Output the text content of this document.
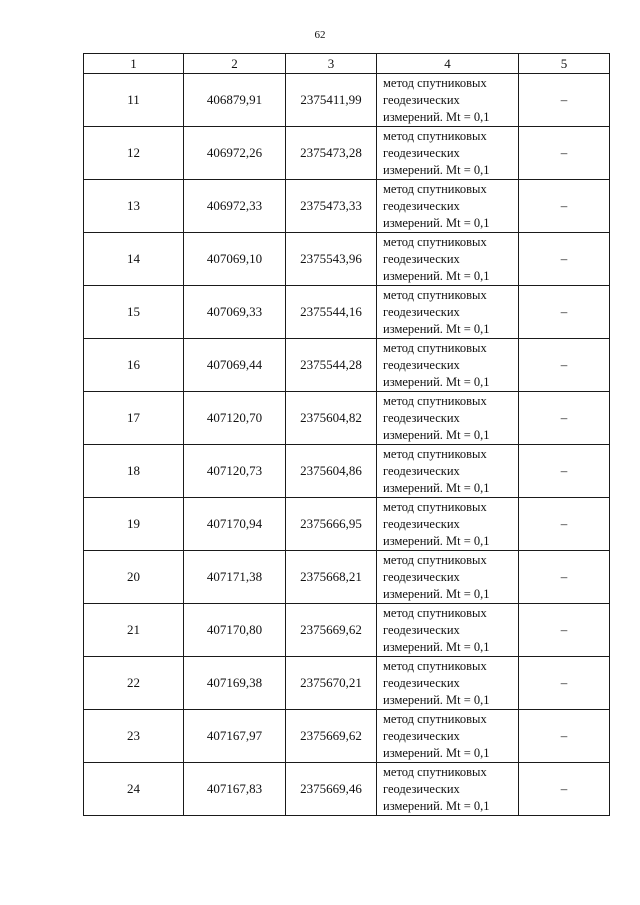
62
1	2	3	4	5
11	406879,91	2375411,99	метод спутниковых
геодезических
измерений. Mt = 0,1	–
12	406972,26	2375473,28	метод спутниковых
геодезических
измерений. Mt = 0,1	–
13	406972,33	2375473,33	метод спутниковых
геодезических
измерений. Mt = 0,1	–
14	407069,10	2375543,96	метод спутниковых
геодезических
измерений. Mt = 0,1	–
15	407069,33	2375544,16	метод спутниковых
геодезических
измерений. Mt = 0,1	–
16	407069,44	2375544,28	метод спутниковых
геодезических
измерений. Mt = 0,1	–
17	407120,70	2375604,82	метод спутниковых
геодезических
измерений. Mt = 0,1	–
18	407120,73	2375604,86	метод спутниковых
геодезических
измерений. Mt = 0,1	–
19	407170,94	2375666,95	метод спутниковых
геодезических
измерений. Mt = 0,1	–
20	407171,38	2375668,21	метод спутниковых
геодезических
измерений. Mt = 0,1	–
21	407170,80	2375669,62	метод спутниковых
геодезических
измерений. Mt = 0,1	–
22	407169,38	2375670,21	метод спутниковых
геодезических
измерений. Mt = 0,1	–
23	407167,97	2375669,62	метод спутниковых
геодезических
измерений. Mt = 0,1	–
24	407167,83	2375669,46	метод спутниковых
геодезических
измерений. Mt = 0,1	–
